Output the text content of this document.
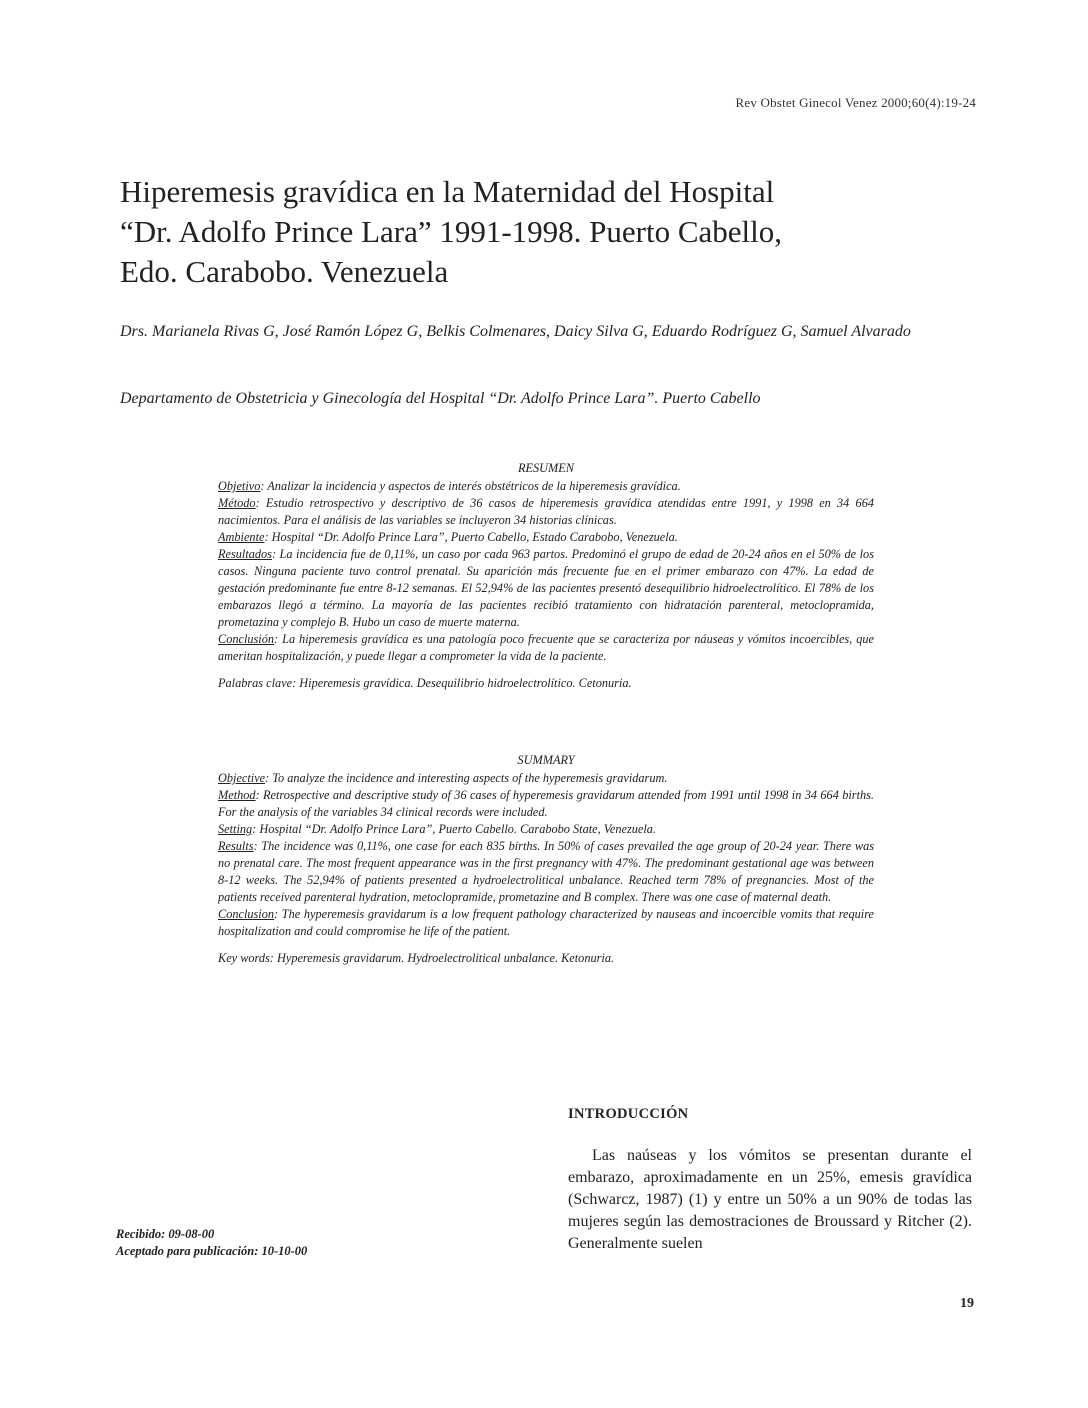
Rev Obstet Ginecol Venez 2000;60(4):19-24
Hiperemesis gravídica en la Maternidad del Hospital
“Dr. Adolfo Prince Lara” 1991-1998. Puerto Cabello,
Edo. Carabobo. Venezuela
Drs. Marianela Rivas G, José Ramón López G, Belkis Colmenares, Daicy Silva G, Eduardo Rodríguez G, Samuel Alvarado
Departamento de Obstetricia y Ginecología del Hospital “Dr. Adolfo Prince Lara”. Puerto Cabello

RESUMEN

Objetivo: Analizar la incidencia y aspectos de interés obstétricos de la hiperemesis gravídica.

Método: Estudio retrospectivo y descriptivo de 36 casos de hiperemesis gravídica atendidas entre 1991, y 1998 en 34 664 nacimientos. Para el análisis de las variables se incluyeron 34 historias clínicas.

Ambiente: Hospital “Dr. Adolfo Prince Lara”, Puerto Cabello, Estado Carabobo, Venezuela.

Resultados: La incidencia fue de 0,11%, un caso por cada 963 partos. Predominó el grupo de edad de 20-24 años en el 50% de los casos. Ninguna paciente tuvo control prenatal. Su aparición más frecuente fue en el primer embarazo con 47%. La edad de gestación predominante fue entre 8-12 semanas. El 52,94% de las pacientes presentó desequilibrio hidroelectrolítico. El 78% de los embarazos llegó a término. La mayoría de las pacientes recibió tratamiento con hidratación parenteral, metoclopramida, prometazina y complejo B. Hubo un caso de muerte materna.

Conclusión: La hiperemesis gravídica es una patología poco frecuente que se caracteriza por náuseas y vómitos incoercibles, que ameritan hospitalización, y puede llegar a comprometer la vida de la paciente.

Palabras clave: Hiperemesis gravídica. Desequilibrio hidroelectrolítico. Cetonuria.

SUMMARY

Objective: To analyze the incidence and interesting aspects of the hyperemesis gravidarum.

Method: Retrospective and descriptive study of 36 cases of hyperemesis gravidarum attended from 1991 until 1998 in 34 664 births. For the analysis of the variables 34 clinical records were included.

Setting: Hospital “Dr. Adolfo Prince Lara”, Puerto Cabello. Carabobo State, Venezuela.

Results: The incidence was 0,11%, one case for each 835 births. In 50% of cases prevailed the age group of 20-24 year. There was no prenatal care. The most frequent appearance was in the first pregnancy with 47%. The predominant gestational age was between 8-12 weeks. The 52,94% of patients presented a hydroelectrolitical unbalance. Reached term 78% of pregnancies. Most of the patients received parenteral hydration, metoclopramide, prometazine and B complex. There was one case of maternal death.

Conclusion: The hyperemesis gravidarum is a low frequent pathology characterized by nauseas and incoercible vomits that require hospitalization and could compromise he life of the patient.

Key words: Hyperemesis gravidarum. Hydroelectrolitical unbalance. Ketonuria.

Recibido: 09-08-00
Aceptado para publicación: 10-10-00
INTRODUCCIÓN

Las naúseas y los vómitos se presentan durante el embarazo, aproximadamente en un 25%, emesis gravídica (Schwarcz, 1987) (1) y entre un 50% a un 90% de todas las mujeres según las demostraciones de Broussard y Ritcher (2). Generalmente suelen

19
